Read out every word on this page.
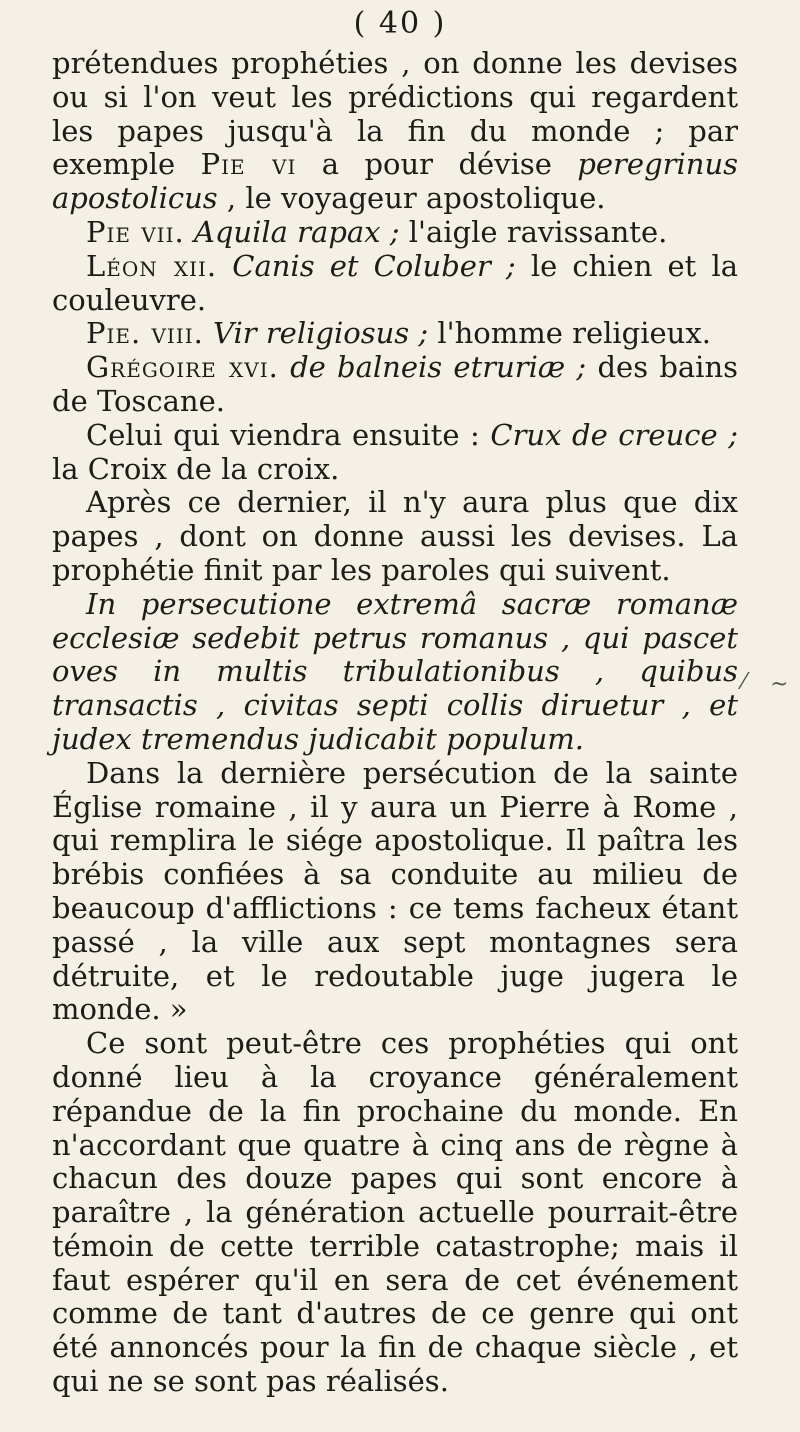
( 40 )

prétendues prophéties , on donne les devises ou si l'on veut les prédictions qui regardent les papes jusqu'à la fin du monde ; par exemple Pie vi a pour dévise peregrinus apostolicus , le voyageur apostolique.

Pie vii. Aquila rapax ; l'aigle ravissante.

Léon xii. Canis et Coluber ; le chien et la couleuvre.

Pie. viii. Vir religiosus ; l'homme religieux.

Grégoire xvi. de balneis etruriæ ; des bains de Toscane.

Celui qui viendra ensuite : Crux de creuce ; la Croix de la croix.

Après ce dernier, il n'y aura plus que dix papes , dont on donne aussi les devises. La prophétie finit par les paroles qui suivent.

In persecutione extremâ sacræ romanæ ecclesiæ sedebit petrus romanus , qui pascet oves in multis tribulationibus , quibus transactis , civitas septi collis diruetur , et judex tremendus judicabit populum.

Dans la dernière persécution de la sainte Église romaine , il y aura un Pierre à Rome , qui remplira le siége apostolique. Il paîtra les brébis confiées à sa conduite au milieu de beaucoup d'afflictions : ce tems facheux étant passé , la ville aux sept montagnes sera détruite, et le redoutable juge jugera le monde. »

Ce sont peut-être ces prophéties qui ont donné lieu à la croyance généralement répandue de la fin prochaine du monde. En n'accordant que quatre à cinq ans de règne à chacun des douze papes qui sont encore à paraître , la génération actuelle pourrait-être témoin de cette terrible catastrophe; mais il faut espérer qu'il en sera de cet événement comme de tant d'autres de ce genre qui ont été annoncés pour la fin de chaque siècle , et qui ne se sont pas réalisés.

⁄ ~
